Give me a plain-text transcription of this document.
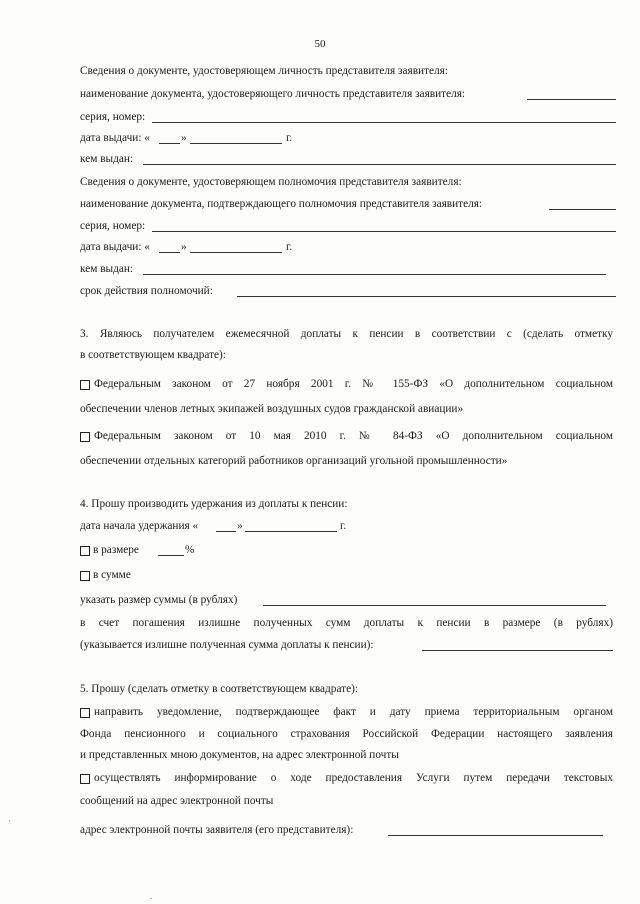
50
Сведения о документе, удостоверяющем личность представителя заявителя:
наименование документа, удостоверяющего личность представителя заявителя:
серия, номер:
дата выдачи: «	»	г.
кем выдан:
Сведения о документе, удостоверяющем полномочия представителя заявителя:
наименование документа, подтверждающего полномочия представителя заявителя:
серия, номер:
дата выдачи: «	»	г.
кем выдан:
срок действия полномочий:
3. Являюсь получателем ежемесячной доплаты к пенсии в соответствии с (сделать отметку
в соответствующем квадрате):
Федеральным законом от 27 ноября 2001 г. № 155-ФЗ «О дополнительном социальном
обеспечении членов летных экипажей воздушных судов гражданской авиации»
Федеральным законом от 10 мая 2010 г. № 84-ФЗ «О дополнительном социальном
обеспечении отдельных категорий работников организаций угольной промышленности»
4. Прошу производить удержания из доплаты к пенсии:
дата начала удержания «	»	г.
в размере	%
в сумме
указать размер суммы (в рублях)
в счет погашения излишне полученных сумм доплаты к пенсии в размере (в рублях)
(указывается излишне полученная сумма доплаты к пенсии):
5. Прошу (сделать отметку в соответствующем квадрате):
направить уведомление, подтверждающее факт и дату приема территориальным органом
Фонда пенсионного и социального страхования Российской Федерации настоящего заявления
и представленных мною документов, на адрес электронной почты
осуществлять информирование о ходе предоставления Услуги путем передачи текстовых
сообщений на адрес электронной почты
адрес электронной почты заявителя (его представителя):
